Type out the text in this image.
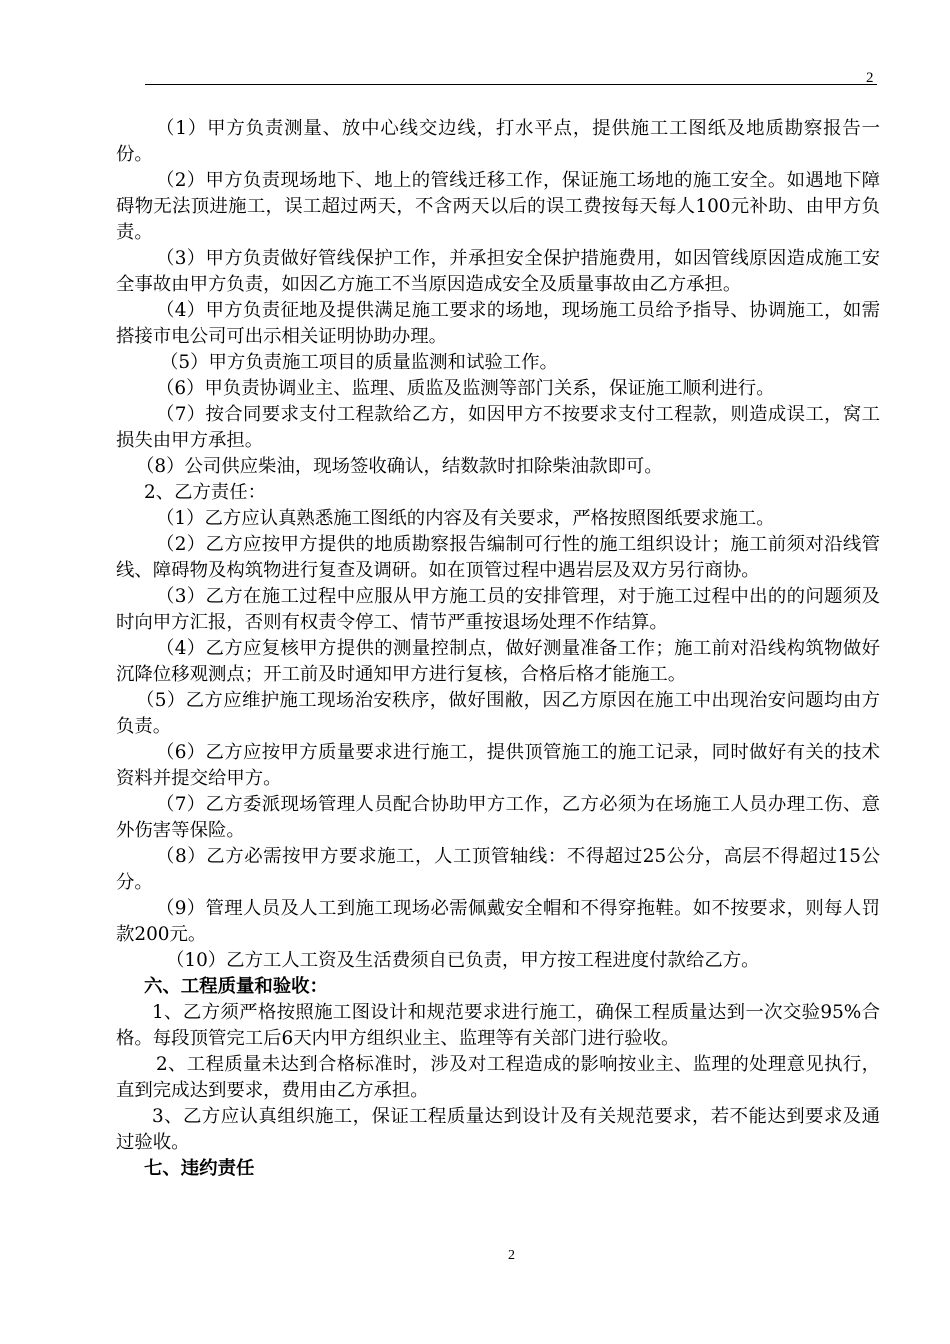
2

（1）甲方负责测量、放中心线交边线，打水平点，提供施工工图纸及地质勘察报告一份。

（2）甲方负责现场地下、地上的管线迁移工作，保证施工场地的施工安全。如遇地下障碍物无法顶进施工，误工超过两天，不含两天以后的误工费按每天每人100元补助、由甲方负责。

（3）甲方负责做好管线保护工作，并承担安全保护措施费用，如因管线原因造成施工安全事故由甲方负责，如因乙方施工不当原因造成安全及质量事故由乙方承担。

（4）甲方负责征地及提供满足施工要求的场地，现场施工员给予指导、协调施工，如需搭接市电公司可出示相关证明协助办理。

（5）甲方负责施工项目的质量监测和试验工作。

（6）甲负责协调业主、监理、质监及监测等部门关系，保证施工顺利进行。

（7）按合同要求支付工程款给乙方，如因甲方不按要求支付工程款，则造成误工，窝工损失由甲方承担。

（8）公司供应柴油，现场签收确认，结数款时扣除柴油款即可。

2、乙方责任：

（1）乙方应认真熟悉施工图纸的内容及有关要求，严格按照图纸要求施工。

（2）乙方应按甲方提供的地质勘察报告编制可行性的施工组织设计；施工前须对沿线管线、障碍物及构筑物进行复查及调研。如在顶管过程中遇岩层及双方另行商协。

（3）乙方在施工过程中应服从甲方施工员的安排管理，对于施工过程中出的的问题须及时向甲方汇报，否则有权责令停工、情节严重按退场处理不作结算。

（4）乙方应复核甲方提供的测量控制点，做好测量准备工作；施工前对沿线构筑物做好沉降位移观测点；开工前及时通知甲方进行复核，合格后格才能施工。

（5）乙方应维护施工现场治安秩序，做好围敝，因乙方原因在施工中出现治安问题均由方负责。

（6）乙方应按甲方质量要求进行施工，提供顶管施工的施工记录，同时做好有关的技术资料并提交给甲方。

（7）乙方委派现场管理人员配合协助甲方工作，乙方必须为在场施工人员办理工伤、意外伤害等保险。

（8）乙方必需按甲方要求施工，人工顶管轴线：不得超过25公分，高层不得超过15公分。

（9）管理人员及人工到施工现场必需佩戴安全帽和不得穿拖鞋。如不按要求，则每人罚款200元。

（10）乙方工人工资及生活费须自已负责，甲方按工程进度付款给乙方。

六、工程质量和验收：

1、乙方须严格按照施工图设计和规范要求进行施工，确保工程质量达到一次交验95%合格。每段顶管完工后6天内甲方组织业主、监理等有关部门进行验收。

2、工程质量未达到合格标准时，涉及对工程造成的影响按业主、监理的处理意见执行，直到完成达到要求，费用由乙方承担。

3、乙方应认真组织施工，保证工程质量达到设计及有关规范要求，若不能达到要求及通过验收。

七、违约责任

2
